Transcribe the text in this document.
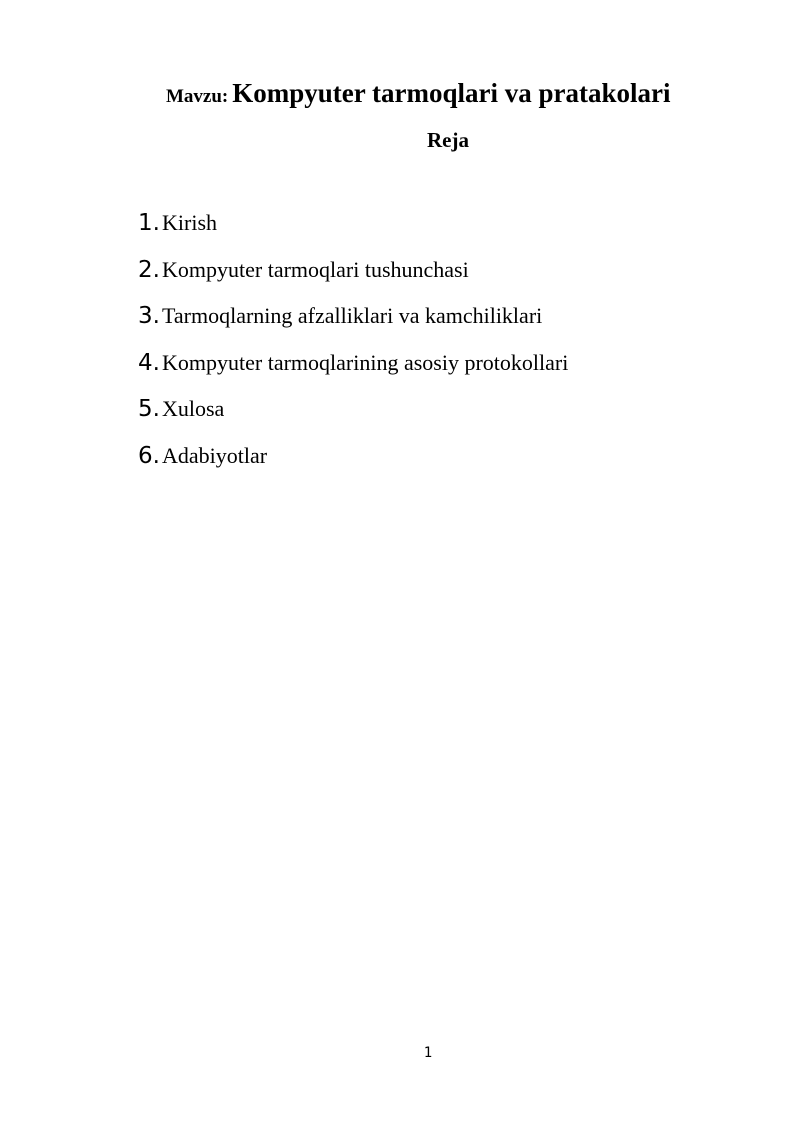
Mavzu: Kompyuter tarmoqlari va pratakolari
Reja
1. Kirish
2. Kompyuter tarmoqlari tushunchasi
3. Tarmoqlarning afzalliklari va kamchiliklari
4. Kompyuter tarmoqlarining asosiy protokollari
5. Xulosa
6. Adabiyotlar
1
